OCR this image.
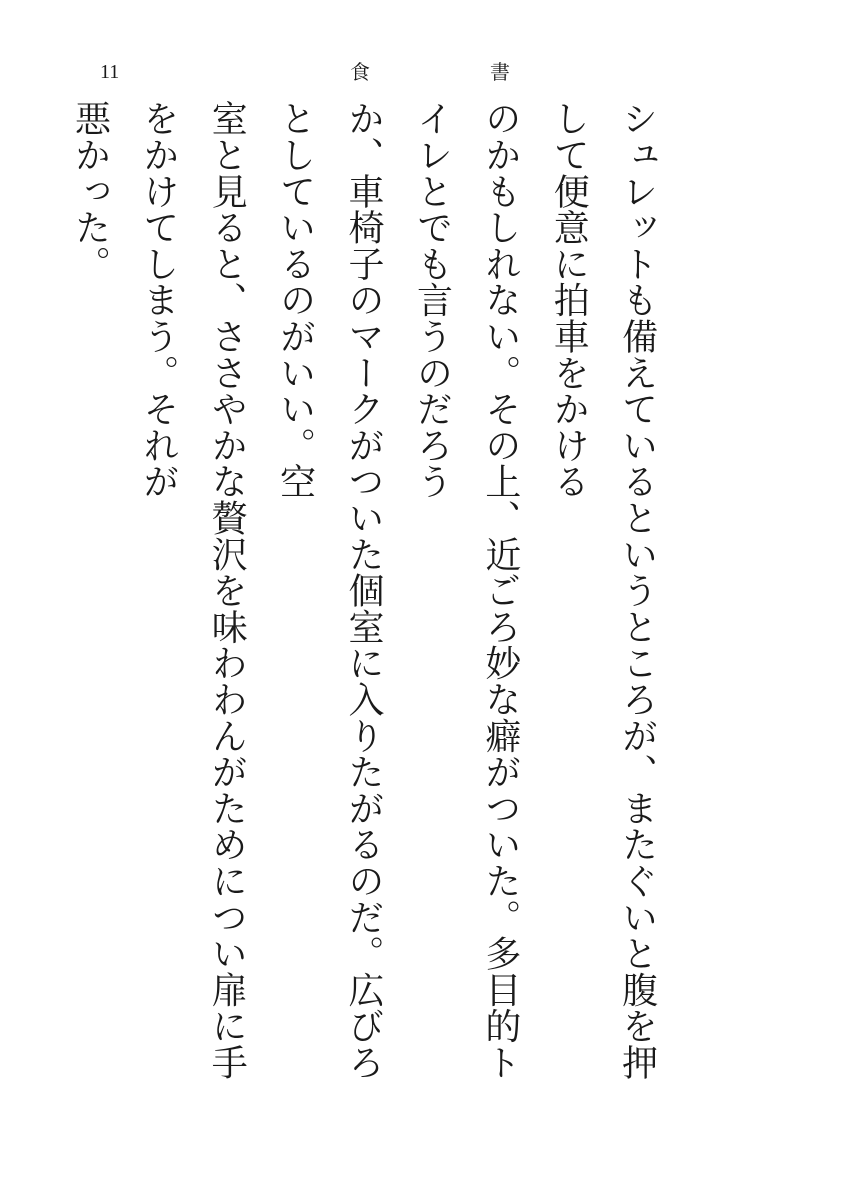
11	食	書

シュレットも備えているというところが、またぐいと腹を押して便意に拍車をかける
のかもしれない。その上、近ごろ妙な癖がついた。多目的トイレとでも言うのだろう
か、車椅子のマークがついた個室に入りたがるのだ。広びろとしているのがいい。空
室と見ると、ささやかな贅沢を味わわんがためについ扉に手をかけてしまう。それが
悪かった。
